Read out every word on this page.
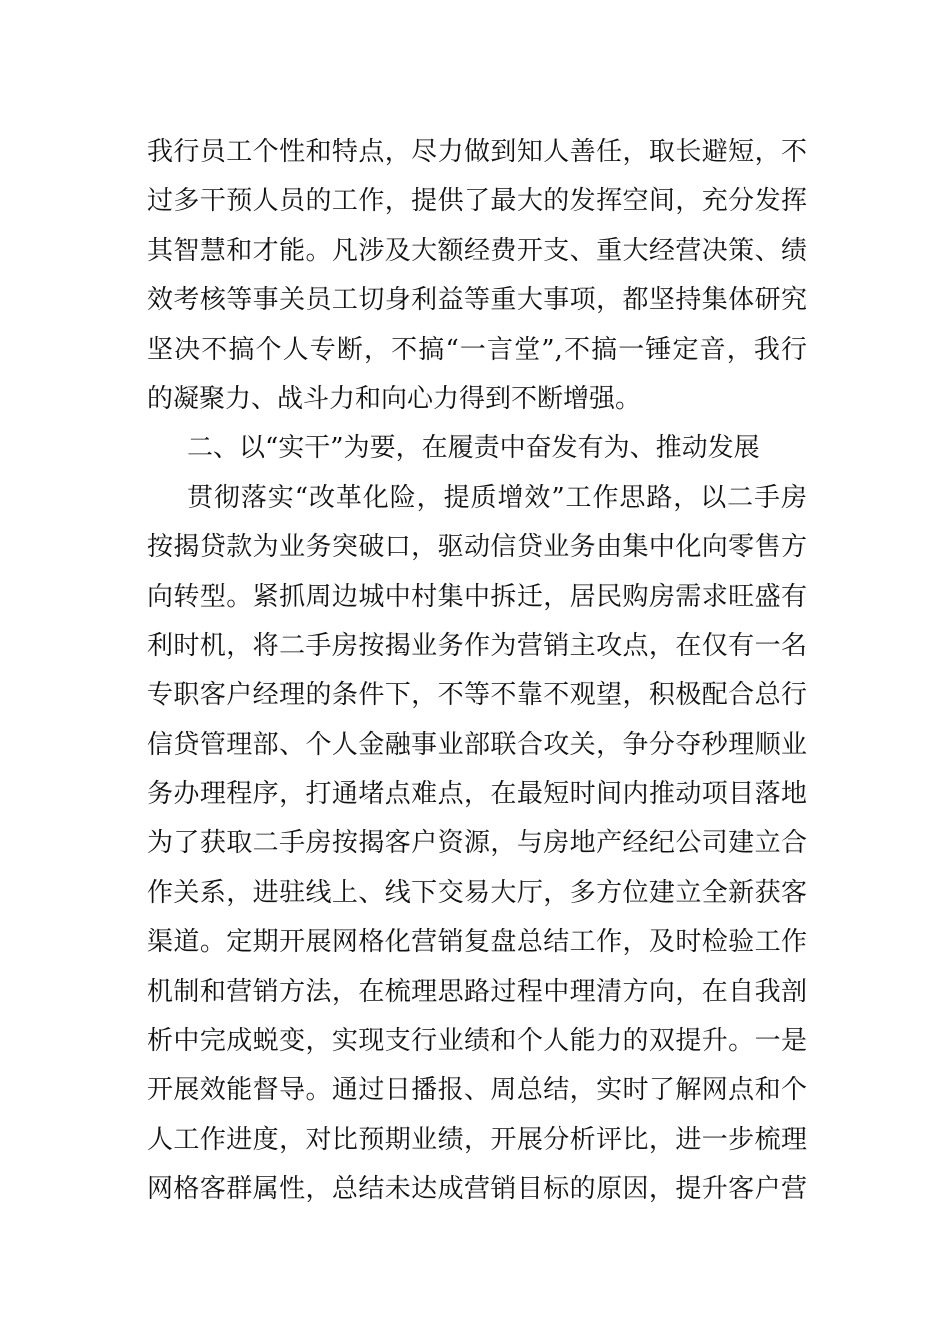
我行员工个性和特点，尽力做到知人善任，取长避短，不
过多干预人员的工作，提供了最大的发挥空间，充分发挥
其智慧和才能。凡涉及大额经费开支、重大经营决策、绩
效考核等事关员工切身利益等重大事项，都坚持集体研究
坚决不搞个人专断，不搞“一言堂”,不搞一锤定音，我行
的凝聚力、战斗力和向心力得到不断增强。
二、以“实干”为要，在履责中奋发有为、推动发展
贯彻落实“改革化险，提质增效”工作思路，以二手房
按揭贷款为业务突破口，驱动信贷业务由集中化向零售方
向转型。紧抓周边城中村集中拆迁，居民购房需求旺盛有
利时机，将二手房按揭业务作为营销主攻点，在仅有一名
专职客户经理的条件下，不等不靠不观望，积极配合总行
信贷管理部、个人金融事业部联合攻关，争分夺秒理顺业
务办理程序，打通堵点难点，在最短时间内推动项目落地
为了获取二手房按揭客户资源，与房地产经纪公司建立合
作关系，进驻线上、线下交易大厅，多方位建立全新获客
渠道。定期开展网格化营销复盘总结工作，及时检验工作
机制和营销方法，在梳理思路过程中理清方向，在自我剖
析中完成蜕变，实现支行业绩和个人能力的双提升。一是
开展效能督导。通过日播报、周总结，实时了解网点和个
人工作进度，对比预期业绩，开展分析评比，进一步梳理
网格客群属性，总结未达成营销目标的原因，提升客户营
